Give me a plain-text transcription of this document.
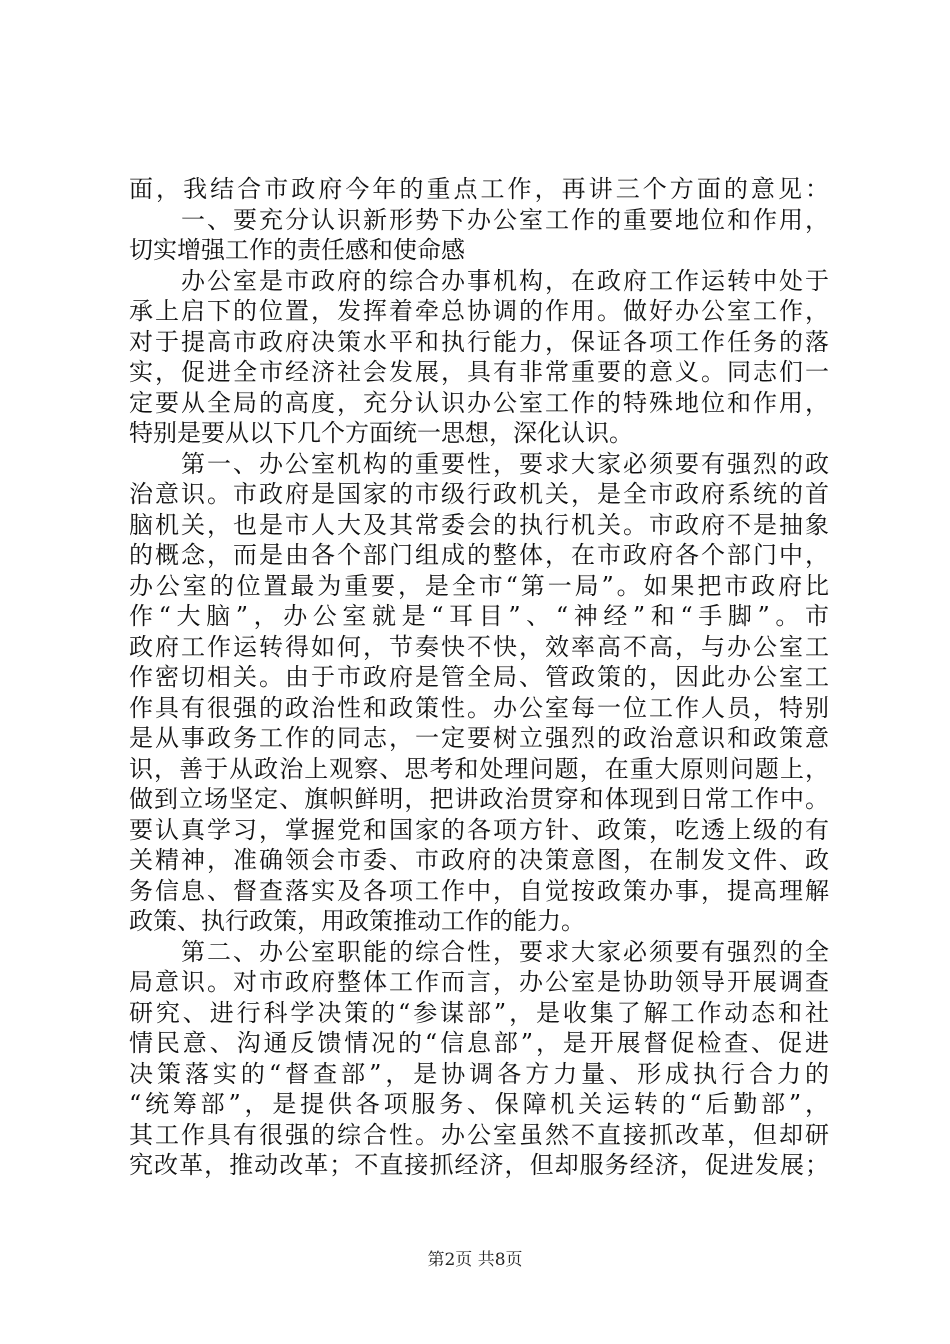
面，我结合市政府今年的重点工作，再讲三个方面的意见：
　　一、要充分认识新形势下办公室工作的重要地位和作用，
切实增强工作的责任感和使命感
　　办公室是市政府的综合办事机构，在政府工作运转中处于
承上启下的位置，发挥着牵总协调的作用。做好办公室工作，
对于提高市政府决策水平和执行能力，保证各项工作任务的落
实，促进全市经济社会发展，具有非常重要的意义。同志们一
定要从全局的高度，充分认识办公室工作的特殊地位和作用，
特别是要从以下几个方面统一思想，深化认识。
　　第一、办公室机构的重要性，要求大家必须要有强烈的政
治意识。市政府是国家的市级行政机关，是全市政府系统的首
脑机关，也是市人大及其常委会的执行机关。市政府不是抽象
的概念，而是由各个部门组成的整体，在市政府各个部门中，
办公室的位置最为重要，是全市“第一局”。如果把市政府比
作“大脑”，办公室就是“耳目”、“神经”和“手脚”。市
政府工作运转得如何，节奏快不快，效率高不高，与办公室工
作密切相关。由于市政府是管全局、管政策的，因此办公室工
作具有很强的政治性和政策性。办公室每一位工作人员，特别
是从事政务工作的同志，一定要树立强烈的政治意识和政策意
识，善于从政治上观察、思考和处理问题，在重大原则问题上，
做到立场坚定、旗帜鲜明，把讲政治贯穿和体现到日常工作中。
要认真学习，掌握党和国家的各项方针、政策，吃透上级的有
关精神，准确领会市委、市政府的决策意图，在制发文件、政
务信息、督查落实及各项工作中，自觉按政策办事，提高理解
政策、执行政策，用政策推动工作的能力。
　　第二、办公室职能的综合性，要求大家必须要有强烈的全
局意识。对市政府整体工作而言，办公室是协助领导开展调查
研究、进行科学决策的“参谋部”，是收集了解工作动态和社
情民意、沟通反馈情况的“信息部”，是开展督促检查、促进
决策落实的“督查部”，是协调各方力量、形成执行合力的
“统筹部”，是提供各项服务、保障机关运转的“后勤部”，
其工作具有很强的综合性。办公室虽然不直接抓改革，但却研
究改革，推动改革；不直接抓经济，但却服务经济，促进发展；
第2页 共8页
